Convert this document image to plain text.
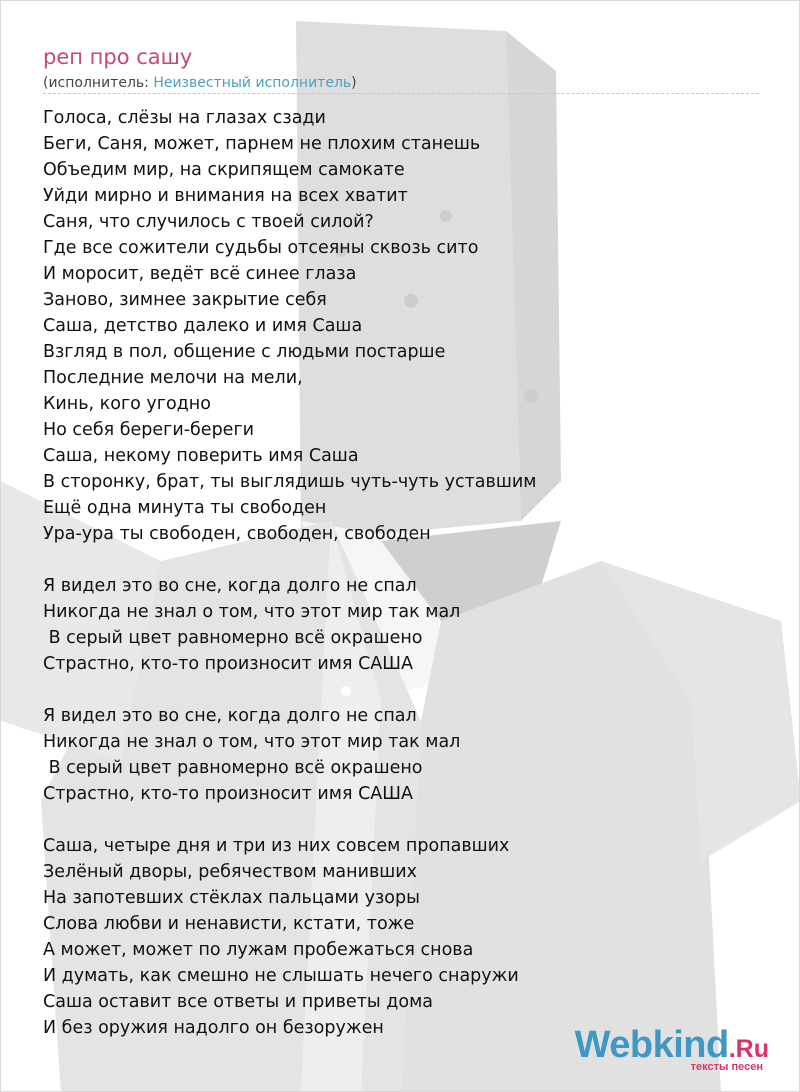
реп про сашу
(исполнитель: Неизвестный исполнитель)
Голоса, слёзы на глазах сзади
Беги, Саня, может, парнем не плохим станешь
Объедим мир, на скрипящем самокате
Уйди мирно и внимания на всех хватит
Саня, что случилось с твоей силой?
Где все сожители судьбы отсеяны сквозь сито
И моросит, ведёт всё синее глаза
Заново, зимнее закрытие себя
Саша, детство далеко и имя Саша
Взгляд в пол, общение с людьми постарше
Последние мелочи на мели,
Кинь, кого угодно
Но себя береги-береги
Саша, некому поверить имя Саша
В сторонку, брат, ты выглядишь чуть-чуть уставшим
Ещё одна минута ты свободен
Ура-ура ты свободен, свободен, свободен
Я видел это во сне, когда долго не спал
Никогда не знал о том, что этот мир так мал
В серый цвет равномерно всё окрашено
Страстно, кто-то произносит имя САША
Я видел это во сне, когда долго не спал
Никогда не знал о том, что этот мир так мал
В серый цвет равномерно всё окрашено
Страстно, кто-то произносит имя САША
Саша, четыре дня и три из них совсем пропавших
Зелёный дворы, ребячеством манивших
На запотевших стёклах пальцами узоры
Слова любви и ненависти, кстати, тоже
А может, может по лужам пробежаться снова
И думать, как смешно не слышать нечего снаружи
Саша оставит все ответы и приветы дома
И без оружия надолго он безоружен	Webkind.Ru
тексты песен
